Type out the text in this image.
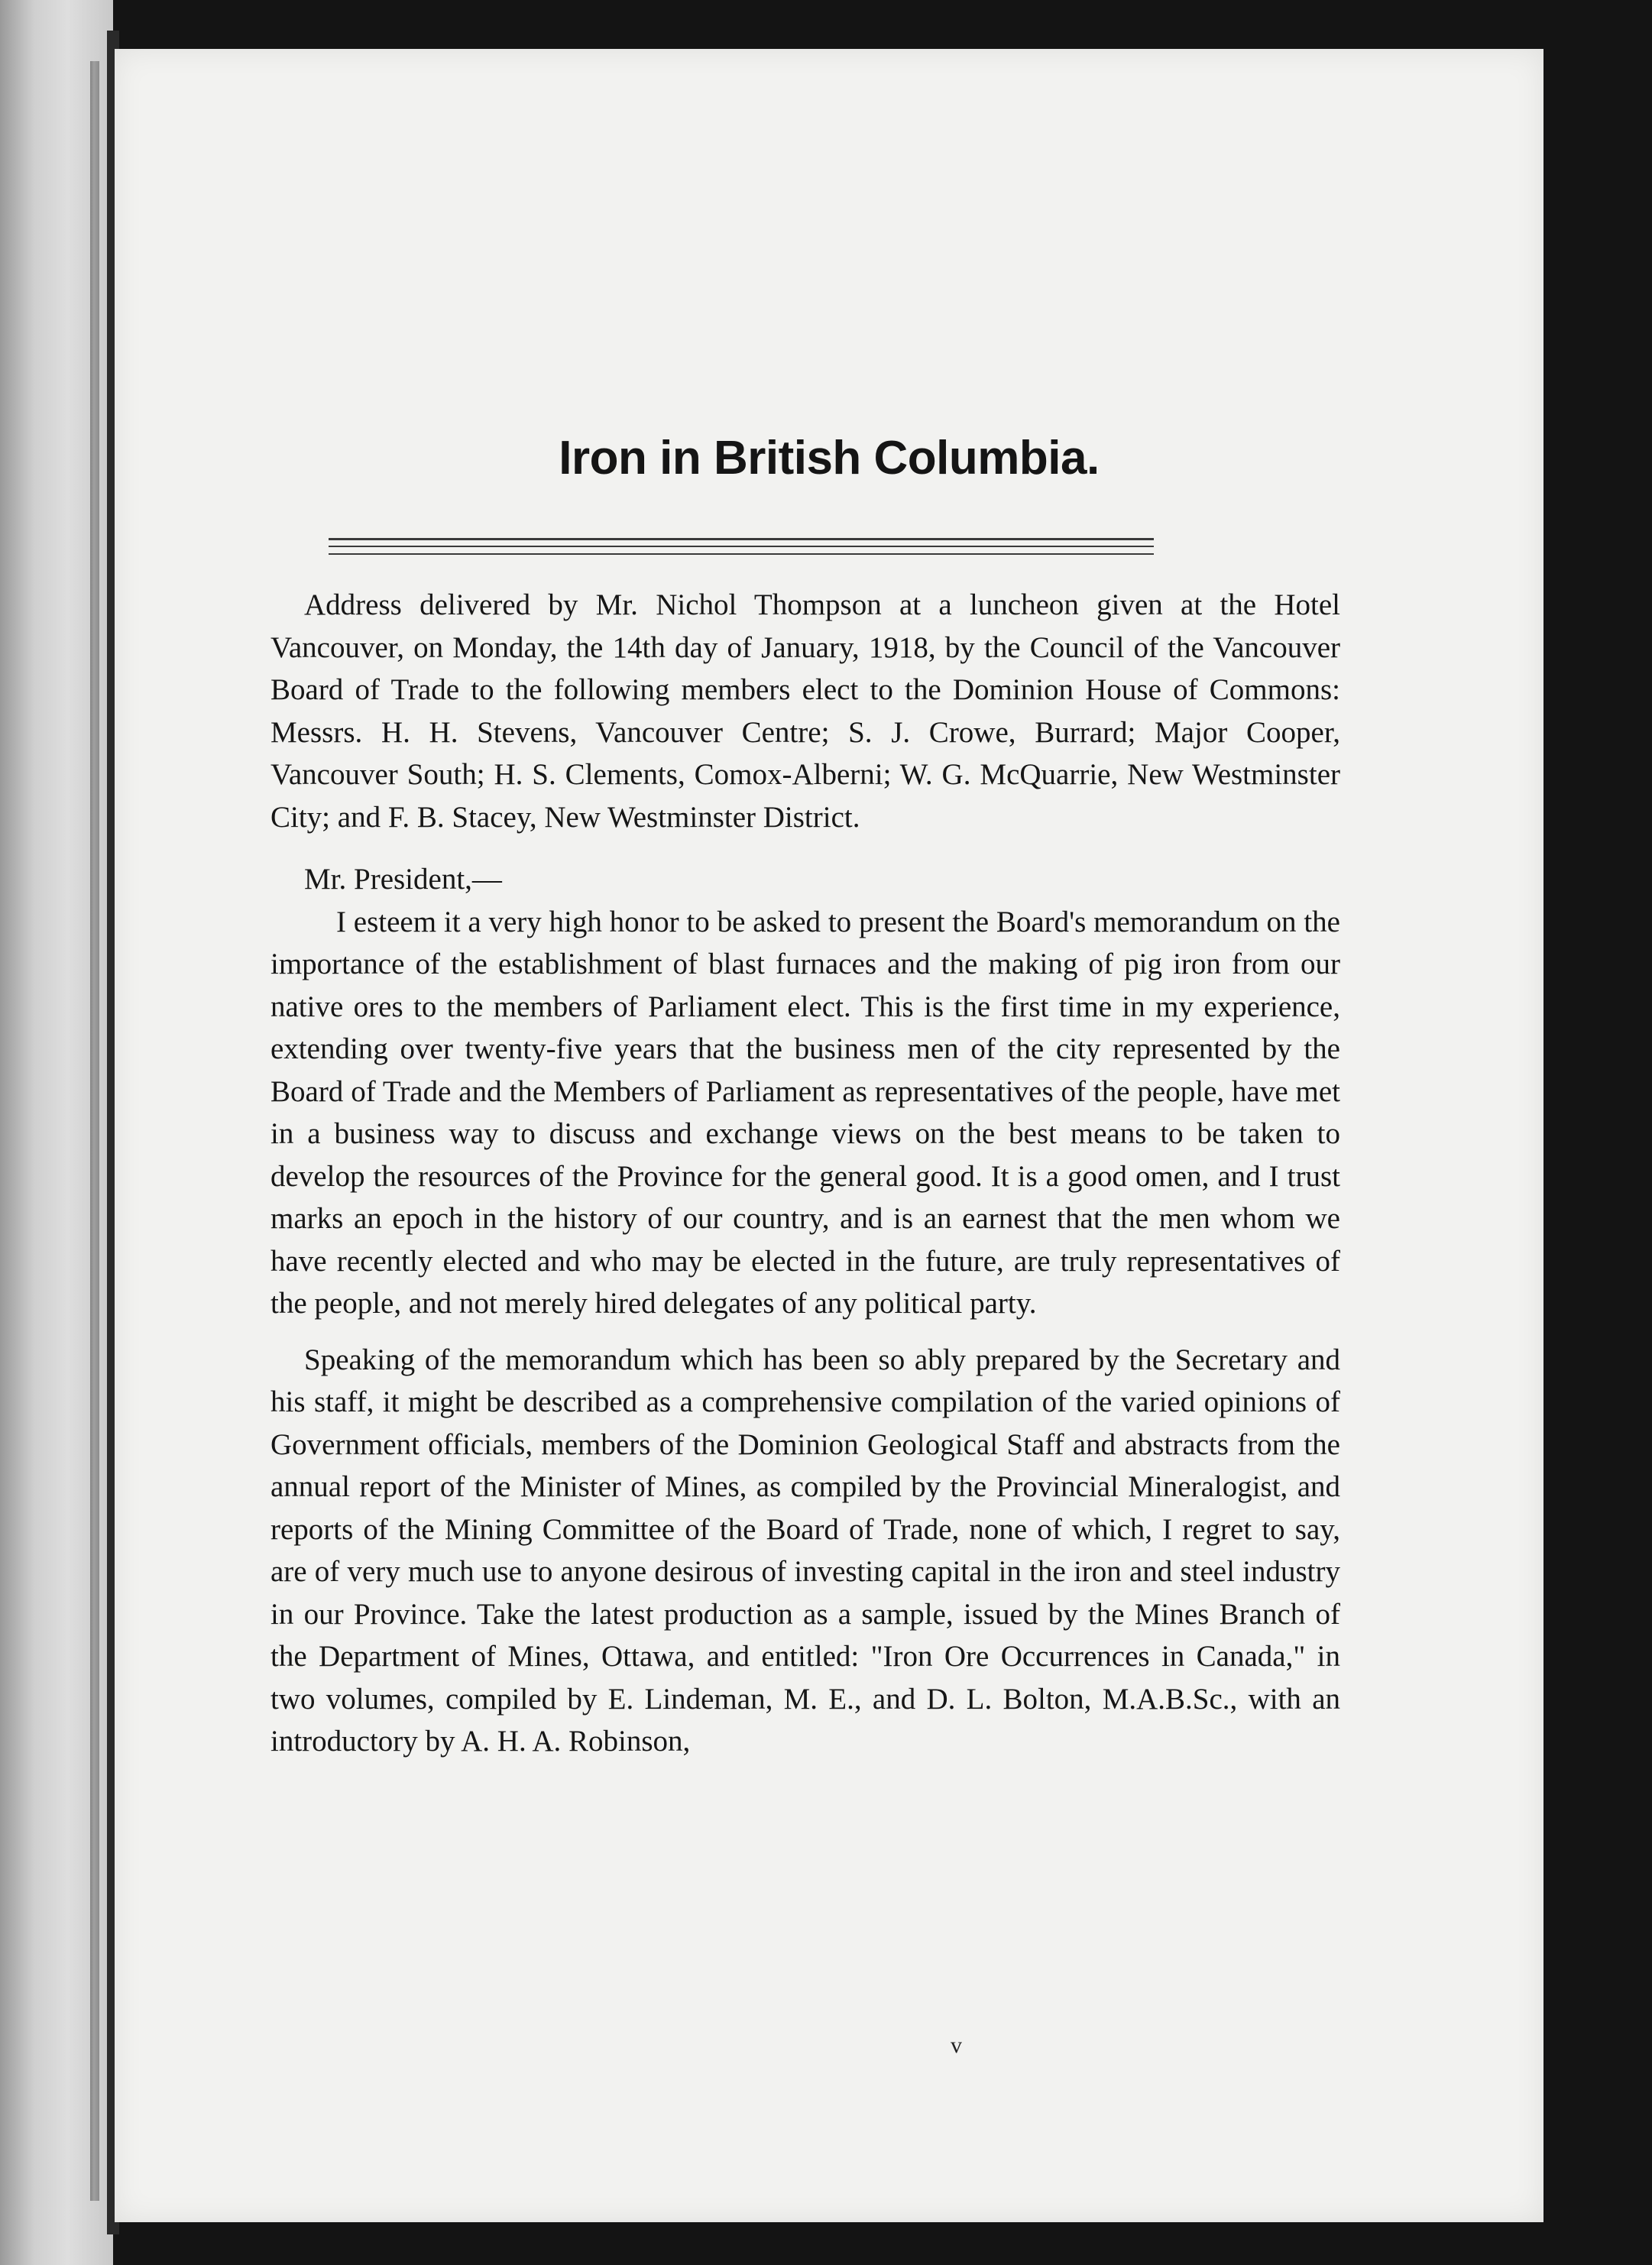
Iron in British Columbia.

Address delivered by Mr. Nichol Thompson at a luncheon given at the Hotel Vancouver, on Monday, the 14th day of January, 1918, by the Council of the Vancouver Board of Trade to the following members elect to the Dominion House of Commons: Messrs. H. H. Stevens, Vancouver Centre; S. J. Crowe, Burrard; Major Cooper, Vancouver South; H. S. Clements, Comox-Alberni; W. G. McQuarrie, New Westminster City; and F. B. Stacey, New Westminster District.

Mr. President,—

I esteem it a very high honor to be asked to present the Board's memorandum on the importance of the establishment of blast furnaces and the making of pig iron from our native ores to the members of Parliament elect. This is the first time in my experience, extending over twenty-five years that the business men of the city represented by the Board of Trade and the Members of Parliament as representatives of the people, have met in a business way to discuss and exchange views on the best means to be taken to develop the resources of the Province for the general good. It is a good omen, and I trust marks an epoch in the history of our country, and is an earnest that the men whom we have recently elected and who may be elected in the future, are truly representatives of the people, and not merely hired delegates of any political party.

Speaking of the memorandum which has been so ably prepared by the Secretary and his staff, it might be described as a comprehensive compilation of the varied opinions of Government officials, members of the Dominion Geological Staff and abstracts from the annual report of the Minister of Mines, as compiled by the Provincial Mineralogist, and reports of the Mining Committee of the Board of Trade, none of which, I regret to say, are of very much use to anyone desirous of investing capital in the iron and steel industry in our Province. Take the latest production as a sample, issued by the Mines Branch of the Department of Mines, Ottawa, and entitled: "Iron Ore Occurrences in Canada," in two volumes, compiled by E. Lindeman, M. E., and D. L. Bolton, M.A.B.Sc., with an introductory by A. H. A. Robinson,

v
